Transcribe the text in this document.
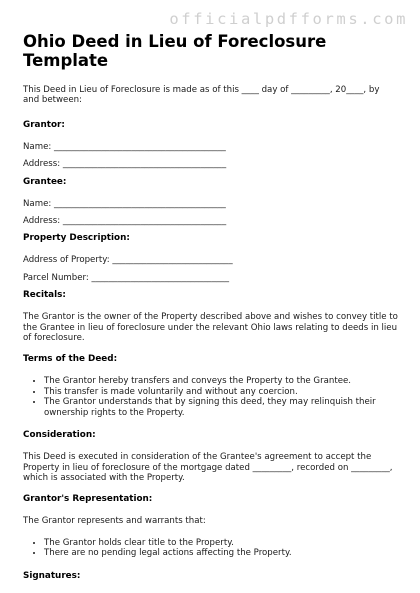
officialpdfforms.com
Ohio Deed in Lieu of Foreclosure Template

This Deed in Lieu of Foreclosure is made as of this ____ day of _________, 20____, by and between:

Grantor:
Name: ________________________________________
Address: ______________________________________
Grantee:
Name: ________________________________________
Address: ______________________________________
Property Description:
Address of Property: ____________________________
Parcel Number: ________________________________
Recitals:

The Grantor is the owner of the Property described above and wishes to convey title to the Grantee in lieu of foreclosure under the relevant Ohio laws relating to deeds in lieu of foreclosure.

Terms of the Deed:
• The Grantor hereby transfers and conveys the Property to the Grantee.
• This transfer is made voluntarily and without any coercion.
• The Grantor understands that by signing this deed, they may relinquish their ownership rights to the Property.
Consideration:

This Deed is executed in consideration of the Grantee's agreement to accept the Property in lieu of foreclosure of the mortgage dated _________, recorded on _________, which is associated with the Property.

Grantor's Representation:

The Grantor represents and warrants that:

• The Grantor holds clear title to the Property.
• There are no pending legal actions affecting the Property.
Signatures:
